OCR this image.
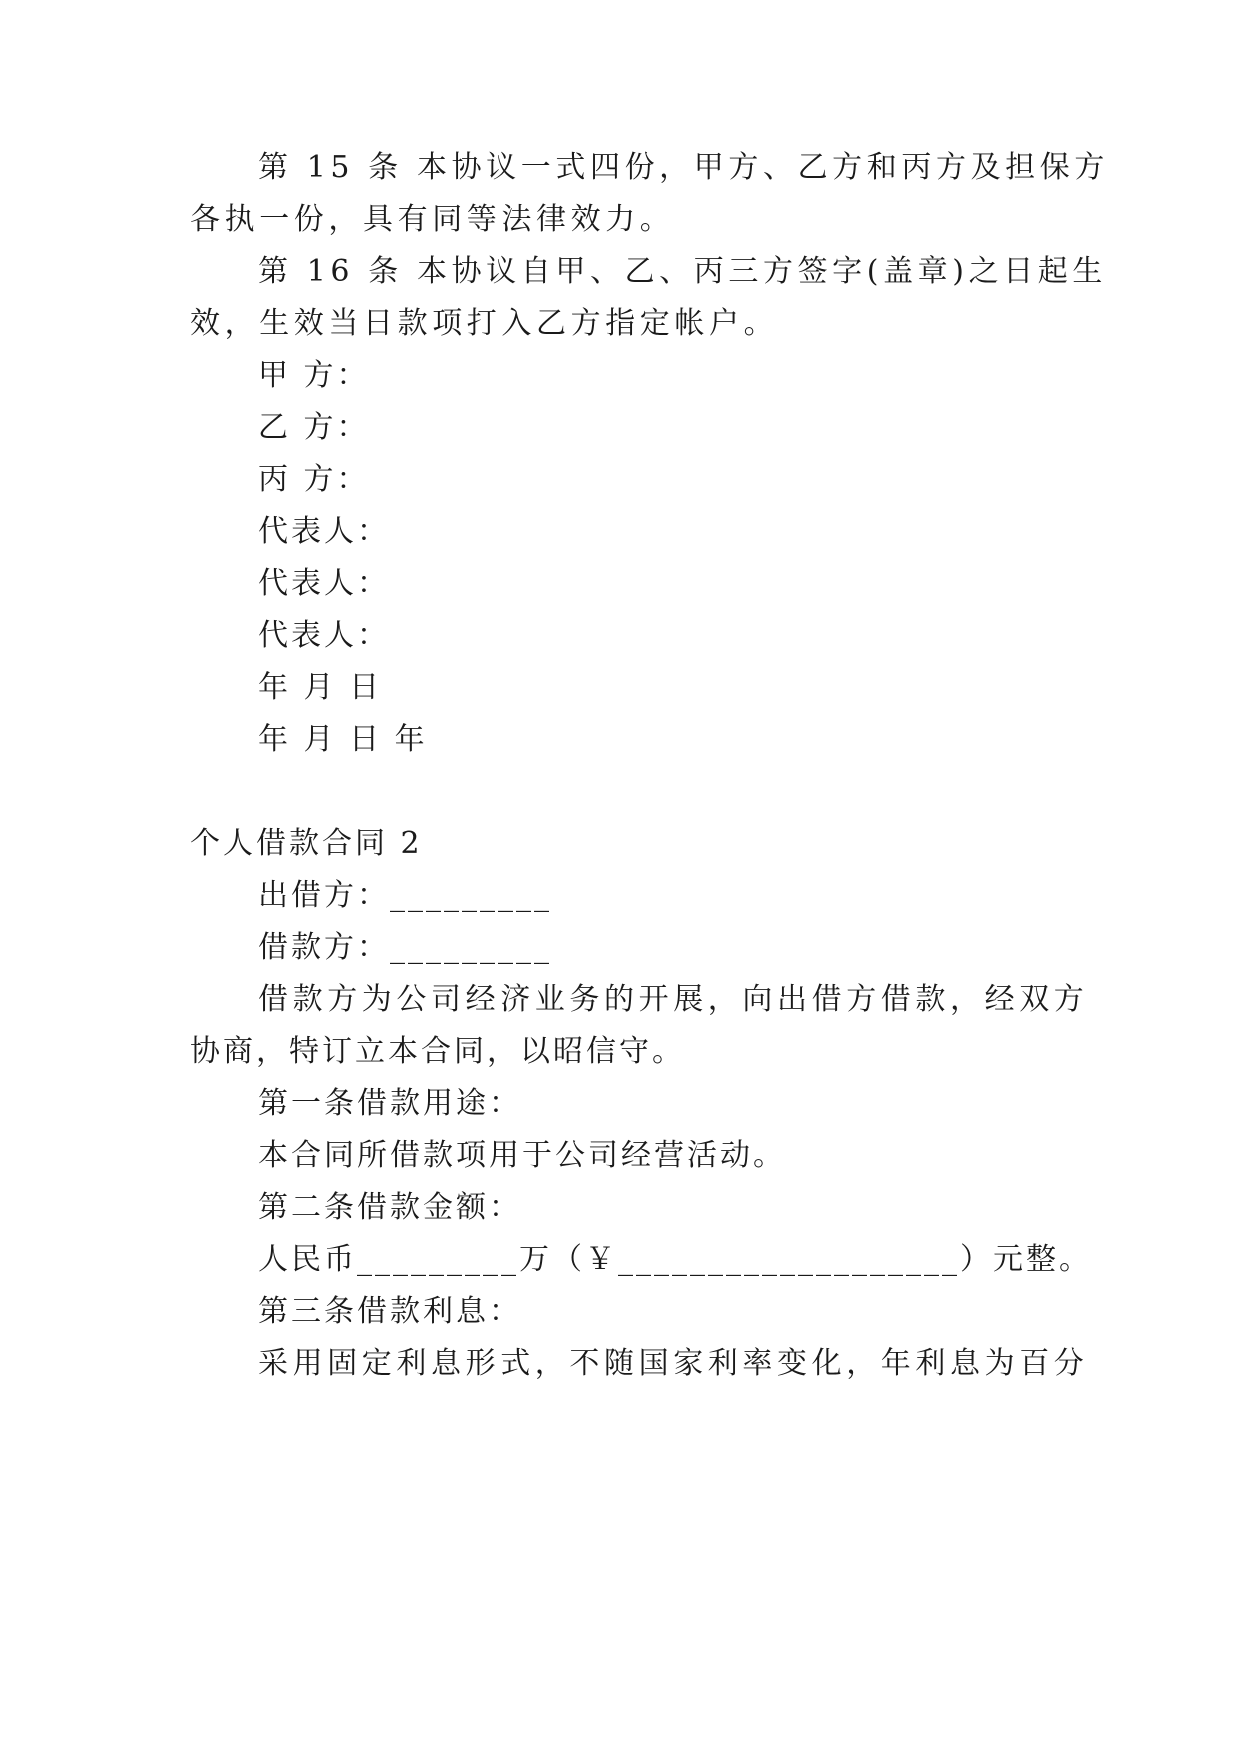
第 15 条 本协议一式四份，甲方、乙方和丙方及担保方
各执一份，具有同等法律效力。
第 16 条 本协议自甲、乙、丙三方签字(盖章)之日起生
效，生效当日款项打入乙方指定帐户。
甲 方：
乙 方：
丙 方：
代表人：
代表人：
代表人：
年 月 日
年 月 日 年
个人借款合同 2
出借方：_________
借款方：_________
借款方为公司经济业务的开展，向出借方借款，经双方
协商，特订立本合同，以昭信守。
第一条借款用途：
本合同所借款项用于公司经营活动。
第二条借款金额：
人民币_________万（￥___________________）元整。
第三条借款利息：
采用固定利息形式，不随国家利率变化，年利息为百分
